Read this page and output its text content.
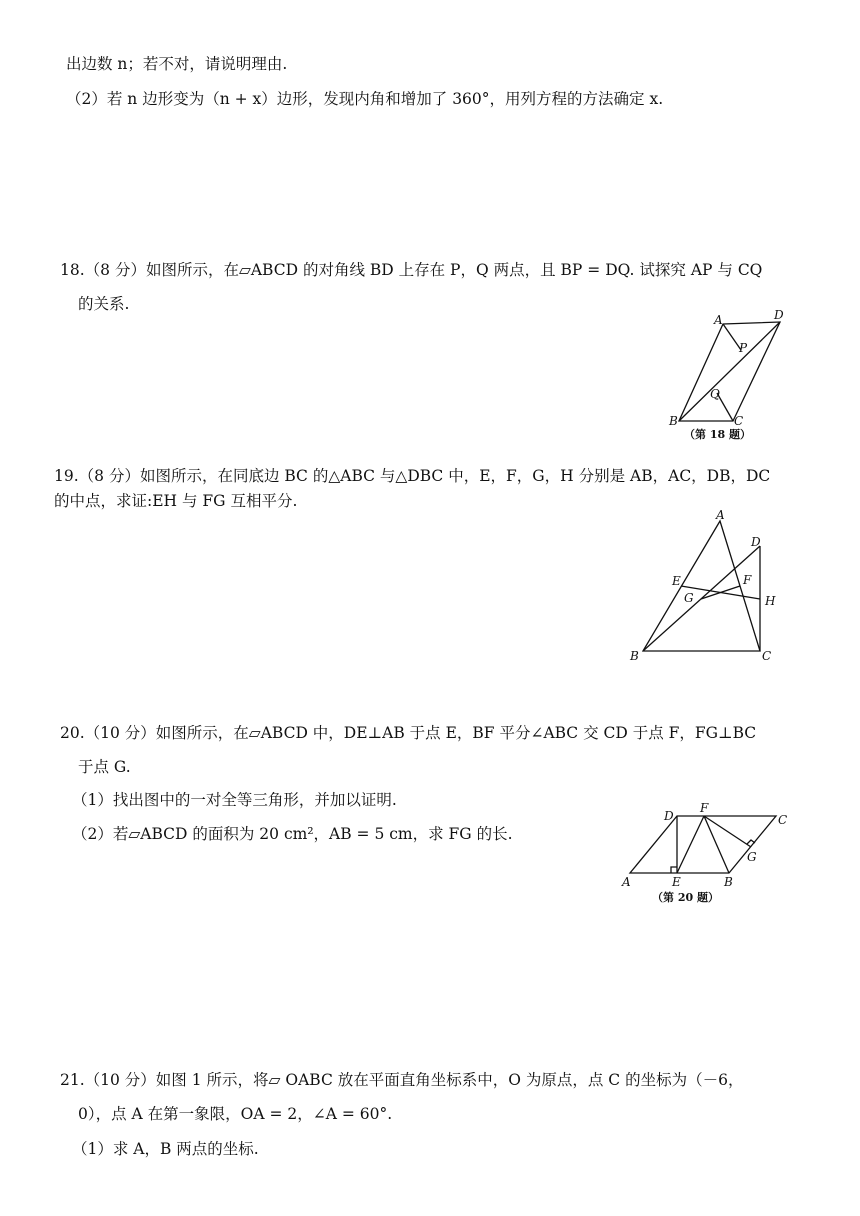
出边数 n；若不对，请说明理由.
（2）若 n 边形变为（n + x）边形，发现内角和增加了 360°，用列方程的方法确定 x.
18.（8 分）如图所示，在▱ABCD 的对角线 BD 上存在 P，Q 两点，且 BP = DQ. 试探究 AP 与 CQ
的关系.
A	D
P
Q
B	C
（第 18 题）
19.（8 分）如图所示，在同底边 BC 的△ABC 与△DBC 中，E，F，G，H 分别是 AB，AC，DB，DC
的中点，求证:EH 与 FG 互相平分.
A
D
E	F
G	H
B	C
20.（10 分）如图所示，在▱ABCD 中，DE⊥AB 于点 E，BF 平分∠ABC 交 CD 于点 F，FG⊥BC
于点 G.
（1）找出图中的一对全等三角形，并加以证明.
（2）若▱ABCD 的面积为 20 cm²，AB = 5 cm，求 FG 的长.
D
F
C
G
A	E	B
（第 20 题）
21.（10 分）如图 1 所示，将▱ OABC 放在平面直角坐标系中，O 为原点，点 C 的坐标为（－6，
0），点 A 在第一象限，OA = 2，∠A = 60°.
（1）求 A，B 两点的坐标.
